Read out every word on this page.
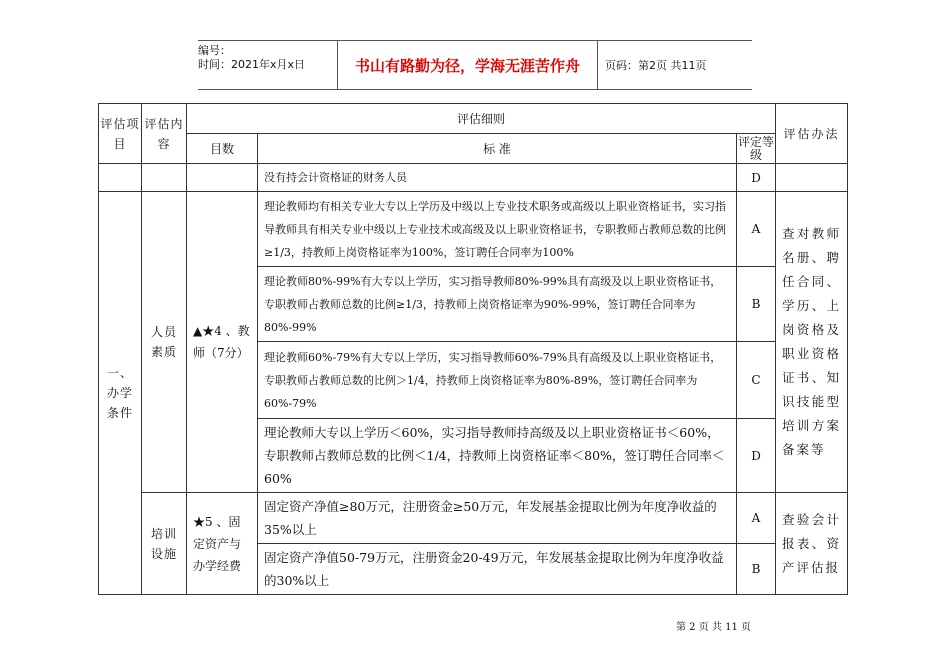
编号：
时间：2021年x月x日	书山有路勤为径，学海无涯苦作舟	页码：第2页 共11页
评估项目	评估内容	评估细则			评估办法
		目数	标 准	评定等级	
			没有持会计资格证的财务人员	D	
一、办学条件	人员素质	▲★4 、教师（7分）	理论教师均有相关专业大专以上学历及中级以上专业技术职务或高级以上职业资格证书，实习指导教师具有相关专业中级以上专业技术或高级及以上职业资格证书，专职教师占教师总数的比例≥1/3，持教师上岗资格证率为100%，签订聘任合同率为100%	A	查对教师名册、聘任合同、学历、上岗资格及职业资格证书、知识技能型培训方案备案等
			理论教师80%-99%有大专以上学历，实习指导教师80%-99%具有高级及以上职业资格证书，专职教师占教师总数的比例≥1/3，持教师上岗资格证率为90%-99%，签订聘任合同率为80%-99%	B	
			理论教师60%-79%有大专以上学历，实习指导教师60%-79%具有高级及以上职业资格证书，专职教师占教师总数的比例＞1/4，持教师上岗资格证率为80%-89%，签订聘任合同率为60%-79%	C	
			理论教师大专以上学历＜60%，实习指导教师持高级及以上职业资格证书＜60%，专职教师占教师总数的比例＜1/4，持教师上岗资格证率＜80%，签订聘任合同率＜60%	D	
	培训设施	★5 、固定资产与办学经费	固定资产净值≥80万元，注册资金≥50万元，年发展基金提取比例为年度净收益的35%以上	A	查验会计报表、资产评估报
			固定资产净值50-79万元，注册资金20-49万元，年发展基金提取比例为年度净收益的30%以上	B	
第 2 页 共 11 页
